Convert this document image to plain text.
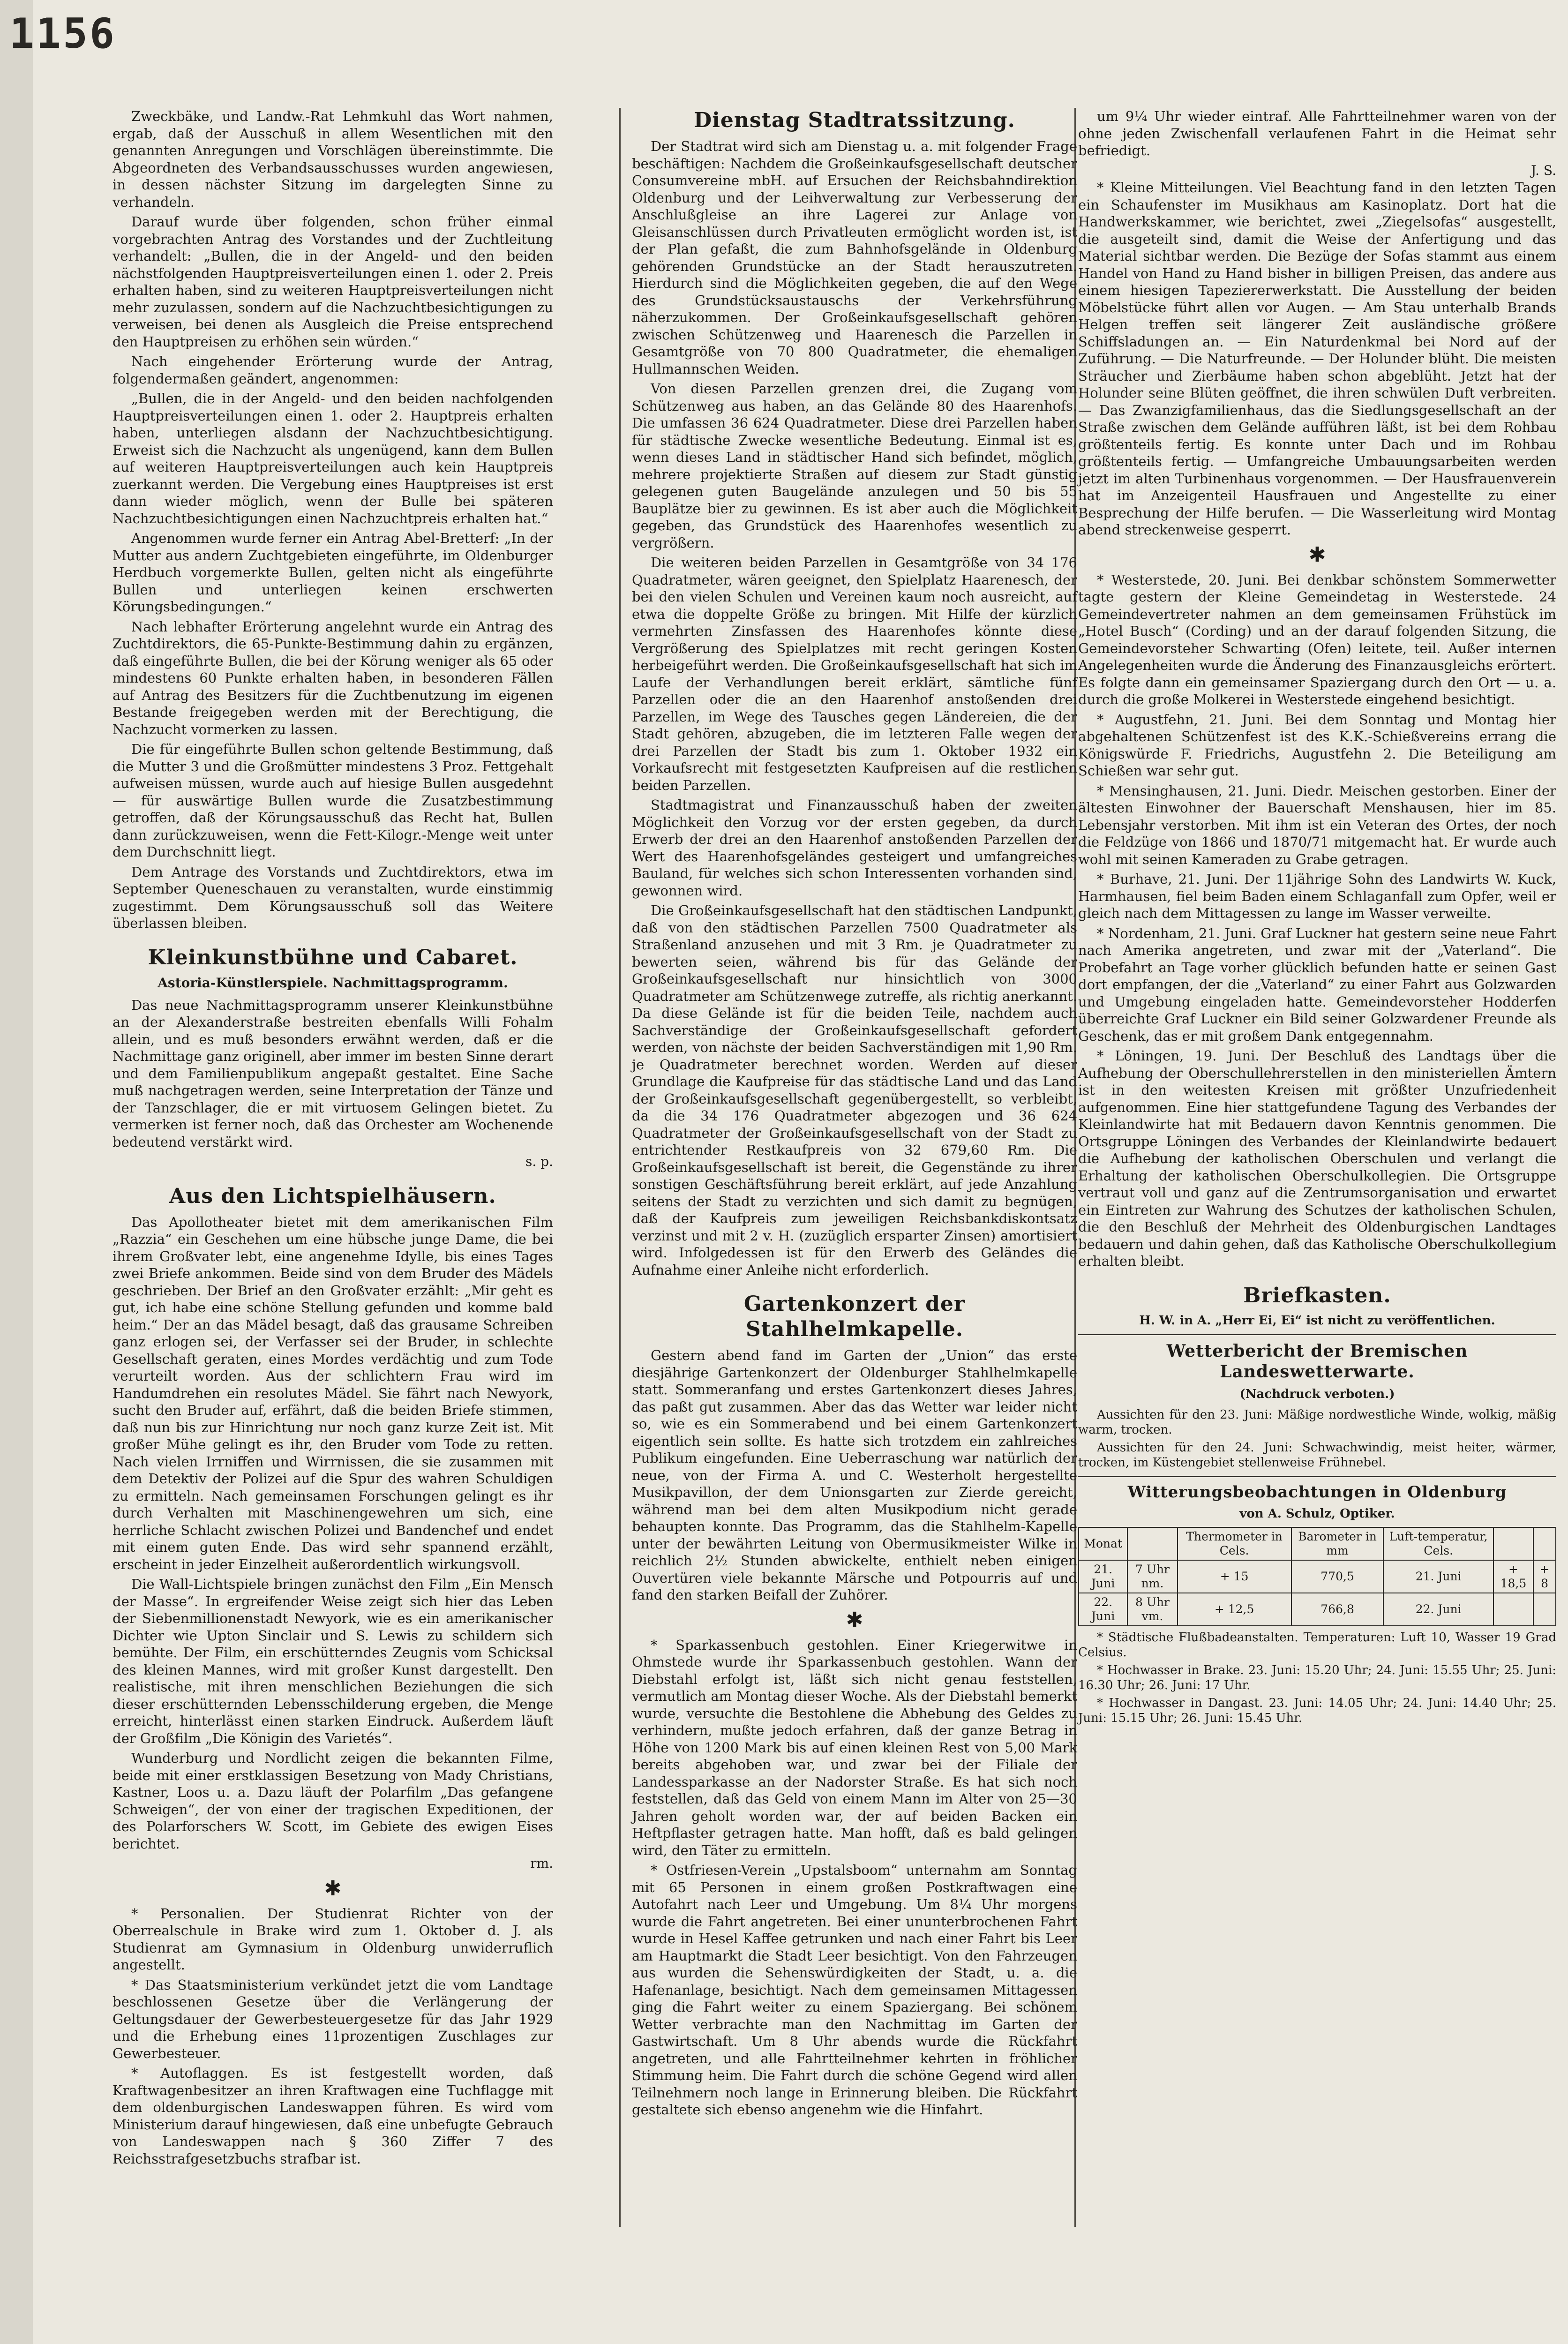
1156

Zweckbäke, und Landw.-Rat Lehmkuhl das Wort nahmen, ergab, daß der Ausschuß in allem Wesentlichen mit den genannten Anregungen und Vorschlägen übereinstimmte. Die Abgeordneten des Verbandsausschusses wurden angewiesen, in dessen nächster Sitzung im dargelegten Sinne zu verhandeln.

Darauf wurde über folgenden, schon früher einmal vorgebrachten Antrag des Vorstandes und der Zuchtleitung verhandelt: „Bullen, die in der Angeld- und den beiden nächstfolgenden Hauptpreisverteilungen einen 1. oder 2. Preis erhalten haben, sind zu weiteren Hauptpreisverteilungen nicht mehr zuzulassen, sondern auf die Nachzuchtbesichtigungen zu verweisen, bei denen als Ausgleich die Preise entsprechend den Hauptpreisen zu erhöhen sein würden.“

Nach eingehender Erörterung wurde der Antrag, folgendermaßen geändert, angenommen:

„Bullen, die in der Angeld- und den beiden nachfolgenden Hauptpreisverteilungen einen 1. oder 2. Hauptpreis erhalten haben, unterliegen alsdann der Nachzuchtbesichtigung. Erweist sich die Nachzucht als ungenügend, kann dem Bullen auf weiteren Hauptpreisverteilungen auch kein Hauptpreis zuerkannt werden. Die Vergebung eines Hauptpreises ist erst dann wieder möglich, wenn der Bulle bei späteren Nachzuchtbesichtigungen einen Nachzuchtpreis erhalten hat.“

Angenommen wurde ferner ein Antrag Abel-Bretterf: „In der Mutter aus andern Zuchtgebieten eingeführte, im Oldenburger Herdbuch vorgemerkte Bullen, gelten nicht als eingeführte Bullen und unterliegen keinen erschwerten Körungsbedingungen.“

Nach lebhafter Erörterung angelehnt wurde ein Antrag des Zuchtdirektors, die 65-Punkte-Bestimmung dahin zu ergänzen, daß eingeführte Bullen, die bei der Körung weniger als 65 oder mindestens 60 Punkte erhalten haben, in besonderen Fällen auf Antrag des Besitzers für die Zuchtbenutzung im eigenen Bestande freigegeben werden mit der Berechtigung, die Nachzucht vormerken zu lassen.

Die für eingeführte Bullen schon geltende Bestimmung, daß die Mutter 3 und die Großmütter mindestens 3 Proz. Fettgehalt aufweisen müssen, wurde auch auf hiesige Bullen ausgedehnt — für auswärtige Bullen wurde die Zusatzbestimmung getroffen, daß der Körungsausschuß das Recht hat, Bullen dann zurückzuweisen, wenn die Fett-Kilogr.-Menge weit unter dem Durchschnitt liegt.

Dem Antrage des Vorstands und Zuchtdirektors, etwa im September Queneschauen zu veranstalten, wurde einstimmig zugestimmt. Dem Körungsausschuß soll das Weitere überlassen bleiben.

Kleinkunstbühne und Cabaret.
Astoria-Künstlerspiele. Nachmittagsprogramm.

Das neue Nachmittagsprogramm unserer Kleinkunstbühne an der Alexanderstraße bestreiten ebenfalls Willi Fohalm allein, und es muß besonders erwähnt werden, daß er die Nachmittage ganz originell, aber immer im besten Sinne derart und dem Familienpublikum angepaßt gestaltet. Eine Sache muß nachgetragen werden, seine Interpretation der Tänze und der Tanzschlager, die er mit virtuosem Gelingen bietet. Zu vermerken ist ferner noch, daß das Orchester am Wochenende bedeutend verstärkt wird.

s. p.
Aus den Lichtspielhäusern.

Das Apollotheater bietet mit dem amerikanischen Film „Razzia“ ein Geschehen um eine hübsche junge Dame, die bei ihrem Großvater lebt, eine angenehme Idylle, bis eines Tages zwei Briefe ankommen. Beide sind von dem Bruder des Mädels geschrieben. Der Brief an den Großvater erzählt: „Mir geht es gut, ich habe eine schöne Stellung gefunden und komme bald heim.“ Der an das Mädel besagt, daß das grausame Schreiben ganz erlogen sei, der Verfasser sei der Bruder, in schlechte Gesellschaft geraten, eines Mordes verdächtig und zum Tode verurteilt worden. Aus der schlichtern Frau wird im Handumdrehen ein resolutes Mädel. Sie fährt nach Newyork, sucht den Bruder auf, erfährt, daß die beiden Briefe stimmen, daß nun bis zur Hinrichtung nur noch ganz kurze Zeit ist. Mit großer Mühe gelingt es ihr, den Bruder vom Tode zu retten. Nach vielen Irrniffen und Wirrnissen, die sie zusammen mit dem Detektiv der Polizei auf die Spur des wahren Schuldigen zu ermitteln. Nach gemeinsamen Forschungen gelingt es ihr durch Verhalten mit Maschinengewehren um sich, eine herrliche Schlacht zwischen Polizei und Bandenchef und endet mit einem guten Ende. Das wird sehr spannend erzählt, erscheint in jeder Einzelheit außerordentlich wirkungsvoll.

Die Wall-Lichtspiele bringen zunächst den Film „Ein Mensch der Masse“. In ergreifender Weise zeigt sich hier das Leben der Siebenmillionenstadt Newyork, wie es ein amerikanischer Dichter wie Upton Sinclair und S. Lewis zu schildern sich bemühte. Der Film, ein erschütterndes Zeugnis vom Schicksal des kleinen Mannes, wird mit großer Kunst dargestellt. Den realistische, mit ihren menschlichen Beziehungen die sich dieser erschütternden Lebensschilderung ergeben, die Menge erreicht, hinterlässt einen starken Eindruck. Außerdem läuft der Großfilm „Die Königin des Varietés“.

Wunderburg und Nordlicht zeigen die bekannten Filme, beide mit einer erstklassigen Besetzung von Mady Christians, Kastner, Loos u. a. Dazu läuft der Polarfilm „Das gefangene Schweigen“, der von einer der tragischen Expeditionen, der des Polarforschers W. Scott, im Gebiete des ewigen Eises berichtet.

rm.
✱

* Personalien. Der Studienrat Richter von der Oberrealschule in Brake wird zum 1. Oktober d. J. als Studienrat am Gymnasium in Oldenburg unwiderruflich angestellt.

* Das Staatsministerium verkündet jetzt die vom Landtage beschlossenen Gesetze über die Verlängerung der Geltungsdauer der Gewerbesteuergesetze für das Jahr 1929 und die Erhebung eines 11prozentigen Zuschlages zur Gewerbesteuer.

* Autoflaggen. Es ist festgestellt worden, daß Kraftwagenbesitzer an ihren Kraftwagen eine Tuchflagge mit dem oldenburgischen Landeswappen führen. Es wird vom Ministerium darauf hingewiesen, daß eine unbefugte Gebrauch von Landeswappen nach § 360 Ziffer 7 des Reichsstrafgesetzbuchs strafbar ist.

Dienstag Stadtratssitzung.

Der Stadtrat wird sich am Dienstag u. a. mit folgender Frage beschäftigen: Nachdem die Großeinkaufsgesellschaft deutscher Consumvereine mbH. auf Ersuchen der Reichsbahndirektion Oldenburg und der Leihverwaltung zur Verbesserung der Anschlußgleise an ihre Lagerei zur Anlage von Gleisanschlüssen durch Privatleuten ermöglicht worden ist, ist der Plan gefaßt, die zum Bahnhofsgelände in Oldenburg gehörenden Grundstücke an der Stadt herauszutreten. Hierdurch sind die Möglichkeiten gegeben, die auf den Wege des Grundstücksaustauschs der Verkehrsführung näherzukommen. Der Großeinkaufsgesellschaft gehören zwischen Schützenweg und Haarenesch die Parzellen in Gesamtgröße von 70 800 Quadratmeter, die ehemaligen Hullmannschen Weiden.

Von diesen Parzellen grenzen drei, die Zugang vom Schützenweg aus haben, an das Gelände 80 des Haarenhofs. Die umfassen 36 624 Quadratmeter. Diese drei Parzellen haben für städtische Zwecke wesentliche Bedeutung. Einmal ist es, wenn dieses Land in städtischer Hand sich befindet, möglich, mehrere projektierte Straßen auf diesem zur Stadt günstig gelegenen guten Baugelände anzulegen und 50 bis 55 Bauplätze bier zu gewinnen. Es ist aber auch die Möglichkeit gegeben, das Grundstück des Haarenhofes wesentlich zu vergrößern.

Die weiteren beiden Parzellen in Gesamtgröße von 34 176 Quadratmeter, wären geeignet, den Spielplatz Haarenesch, der bei den vielen Schulen und Vereinen kaum noch ausreicht, auf etwa die doppelte Größe zu bringen. Mit Hilfe der kürzlich vermehrten Zinsfassen des Haarenhofes könnte diese Vergrößerung des Spielplatzes mit recht geringen Kosten herbeigeführt werden. Die Großeinkaufsgesellschaft hat sich im Laufe der Verhandlungen bereit erklärt, sämtliche fünf Parzellen oder die an den Haarenhof anstoßenden drei Parzellen, im Wege des Tausches gegen Ländereien, die der Stadt gehören, abzugeben, die im letzteren Falle wegen der drei Parzellen der Stadt bis zum 1. Oktober 1932 ein Vorkaufsrecht mit festgesetzten Kaufpreisen auf die restlichen beiden Parzellen.

Stadtmagistrat und Finanzausschuß haben der zweiten Möglichkeit den Vorzug vor der ersten gegeben, da durch Erwerb der drei an den Haarenhof anstoßenden Parzellen der Wert des Haarenhofsgeländes gesteigert und umfangreiches Bauland, für welches sich schon Interessenten vorhanden sind, gewonnen wird.

Die Großeinkaufsgesellschaft hat den städtischen Landpunkt, daß von den städtischen Parzellen 7500 Quadratmeter als Straßenland anzusehen und mit 3 Rm. je Quadratmeter zu bewerten seien, während bis für das Gelände der Großeinkaufsgesellschaft nur hinsichtlich von 3000 Quadratmeter am Schützenwege zutreffe, als richtig anerkannt. Da diese Gelände ist für die beiden Teile, nachdem auch Sachverständige der Großeinkaufsgesellschaft gefordert werden, von nächste der beiden Sachverständigen mit 1,90 Rm. je Quadratmeter berechnet worden. Werden auf dieser Grundlage die Kaufpreise für das städtische Land und das Land der Großeinkaufsgesellschaft gegenübergestellt, so verbleibt, da die 34 176 Quadratmeter abgezogen und 36 624 Quadratmeter der Großeinkaufsgesellschaft von der Stadt zu entrichtender Restkaufpreis von 32 679,60 Rm. Die Großeinkaufsgesellschaft ist bereit, die Gegenstände zu ihrer sonstigen Geschäftsführung bereit erklärt, auf jede Anzahlung seitens der Stadt zu verzichten und sich damit zu begnügen, daß der Kaufpreis zum jeweiligen Reichsbankdiskontsatz verzinst und mit 2 v. H. (zuzüglich ersparter Zinsen) amortisiert wird. Infolgedessen ist für den Erwerb des Geländes die Aufnahme einer Anleihe nicht erforderlich.

Gartenkonzert der Stahlhelmkapelle.

Gestern abend fand im Garten der „Union“ das erste diesjährige Gartenkonzert der Oldenburger Stahlhelmkapelle statt. Sommeranfang und erstes Gartenkonzert dieses Jahres, das paßt gut zusammen. Aber das das Wetter war leider nicht so, wie es ein Sommerabend und bei einem Gartenkonzert eigentlich sein sollte. Es hatte sich trotzdem ein zahlreiches Publikum eingefunden. Eine Ueberraschung war natürlich der neue, von der Firma A. und C. Westerholt hergestellte Musikpavillon, der dem Unionsgarten zur Zierde gereicht, während man bei dem alten Musikpodium nicht gerade behaupten konnte. Das Programm, das die Stahlhelm-Kapelle unter der bewährten Leitung von Obermusikmeister Wilke in reichlich 2½ Stunden abwickelte, enthielt neben einigen Ouvertüren viele bekannte Märsche und Potpourris auf und fand den starken Beifall der Zuhörer.

✱

* Sparkassenbuch gestohlen. Einer Kriegerwitwe in Ohmstede wurde ihr Sparkassenbuch gestohlen. Wann der Diebstahl erfolgt ist, läßt sich nicht genau feststellen, vermutlich am Montag dieser Woche. Als der Diebstahl bemerkt wurde, versuchte die Bestohlene die Abhebung des Geldes zu verhindern, mußte jedoch erfahren, daß der ganze Betrag in Höhe von 1200 Mark bis auf einen kleinen Rest von 5,00 Mark bereits abgehoben war, und zwar bei der Filiale der Landessparkasse an der Nadorster Straße. Es hat sich noch feststellen, daß das Geld von einem Mann im Alter von 25—30 Jahren geholt worden war, der auf beiden Backen ein Heftpflaster getragen hatte. Man hofft, daß es bald gelingen wird, den Täter zu ermitteln.

* Ostfriesen-Verein „Upstalsboom“ unternahm am Sonntag mit 65 Personen in einem großen Postkraftwagen eine Autofahrt nach Leer und Umgebung. Um 8¼ Uhr morgens wurde die Fahrt angetreten. Bei einer ununterbrochenen Fahrt wurde in Hesel Kaffee getrunken und nach einer Fahrt bis Leer am Hauptmarkt die Stadt Leer besichtigt. Von den Fahrzeugen aus wurden die Sehenswürdigkeiten der Stadt, u. a. die Hafenanlage, besichtigt. Nach dem gemeinsamen Mittagessen ging die Fahrt weiter zu einem Spaziergang. Bei schönem Wetter verbrachte man den Nachmittag im Garten der Gastwirtschaft. Um 8 Uhr abends wurde die Rückfahrt angetreten, und alle Fahrtteilnehmer kehrten in fröhlicher Stimmung heim. Die Fahrt durch die schöne Gegend wird allen Teilnehmern noch lange in Erinnerung bleiben. Die Rückfahrt gestaltete sich ebenso angenehm wie die Hinfahrt.

um 9¼ Uhr wieder eintraf. Alle Fahrtteilnehmer waren von der ohne jeden Zwischenfall verlaufenen Fahrt in die Heimat sehr befriedigt.

J. S.

* Kleine Mitteilungen. Viel Beachtung fand in den letzten Tagen ein Schaufenster im Musikhaus am Kasinoplatz. Dort hat die Handwerkskammer, wie berichtet, zwei „Ziegelsofas“ ausgestellt, die ausgeteilt sind, damit die Weise der Anfertigung und das Material sichtbar werden. Die Bezüge der Sofas stammt aus einem Handel von Hand zu Hand bisher in billigen Preisen, das andere aus einem hiesigen Tapeziererwerkstatt. Die Ausstellung der beiden Möbelstücke führt allen vor Augen. — Am Stau unterhalb Brands Helgen treffen seit längerer Zeit ausländische größere Schiffsladungen an. — Ein Naturdenkmal bei Nord auf der Zuführung. — Die Naturfreunde. — Der Holunder blüht. Die meisten Sträucher und Zierbäume haben schon abgeblüht. Jetzt hat der Holunder seine Blüten geöffnet, die ihren schwülen Duft verbreiten. — Das Zwanzigfamilienhaus, das die Siedlungsgesellschaft an der Straße zwischen dem Gelände aufführen läßt, ist bei dem Rohbau größtenteils fertig. Es konnte unter Dach und im Rohbau größtenteils fertig. — Umfangreiche Umbauungsarbeiten werden jetzt im alten Turbinenhaus vorgenommen. — Der Hausfrauenverein hat im Anzeigenteil Hausfrauen und Angestellte zu einer Besprechung der Hilfe berufen. — Die Wasserleitung wird Montag abend streckenweise gesperrt.

✱

* Westerstede, 20. Juni. Bei denkbar schönstem Sommerwetter tagte gestern der Kleine Gemeindetag in Westerstede. 24 Gemeindevertreter nahmen an dem gemeinsamen Frühstück im „Hotel Busch“ (Cording) und an der darauf folgenden Sitzung, die Gemeindevorsteher Schwarting (Ofen) leitete, teil. Außer internen Angelegenheiten wurde die Änderung des Finanzausgleichs erörtert. Es folgte dann ein gemeinsamer Spaziergang durch den Ort — u. a. durch die große Molkerei in Westerstede eingehend besichtigt.

* Augustfehn, 21. Juni. Bei dem Sonntag und Montag hier abgehaltenen Schützenfest ist des K.K.-Schießvereins errang die Königswürde F. Friedrichs, Augustfehn 2. Die Beteiligung am Schießen war sehr gut.

* Mensinghausen, 21. Juni. Diedr. Meischen gestorben. Einer der ältesten Einwohner der Bauerschaft Menshausen, hier im 85. Lebensjahr verstorben. Mit ihm ist ein Veteran des Ortes, der noch die Feldzüge von 1866 und 1870/71 mitgemacht hat. Er wurde auch wohl mit seinen Kameraden zu Grabe getragen.

* Burhave, 21. Juni. Der 11jährige Sohn des Landwirts W. Kuck, Harmhausen, fiel beim Baden einem Schlaganfall zum Opfer, weil er gleich nach dem Mittagessen zu lange im Wasser verweilte.

* Nordenham, 21. Juni. Graf Luckner hat gestern seine neue Fahrt nach Amerika angetreten, und zwar mit der „Vaterland“. Die Probefahrt an Tage vorher glücklich befunden hatte er seinen Gast dort empfangen, der die „Vaterland“ zu einer Fahrt aus Golzwarden und Umgebung eingeladen hatte. Gemeindevorsteher Hodderfen überreichte Graf Luckner ein Bild seiner Golzwardener Freunde als Geschenk, das er mit großem Dank entgegennahm.

* Löningen, 19. Juni. Der Beschluß des Landtags über die Aufhebung der Oberschullehrerstellen in den ministeriellen Ämtern ist in den weitesten Kreisen mit größter Unzufriedenheit aufgenommen. Eine hier stattgefundene Tagung des Verbandes der Kleinlandwirte hat mit Bedauern davon Kenntnis genommen. Die Ortsgruppe Löningen des Verbandes der Kleinlandwirte bedauert die Aufhebung der katholischen Oberschulen und verlangt die Erhaltung der katholischen Oberschulkollegien. Die Ortsgruppe vertraut voll und ganz auf die Zentrumsorganisation und erwartet ein Eintreten zur Wahrung des Schutzes der katholischen Schulen, die den Beschluß der Mehrheit des Oldenburgischen Landtages bedauern und dahin gehen, daß das Katholische Oberschulkollegium erhalten bleibt.

Briefkasten.
H. W. in A. „Herr Ei, Ei“ ist nicht zu veröffentlichen.
Wetterbericht der Bremischen Landeswetterwarte.
(Nachdruck verboten.)

Aussichten für den 23. Juni: Mäßige nordwestliche Winde, wolkig, mäßig warm, trocken.

Aussichten für den 24. Juni: Schwachwindig, meist heiter, wärmer, trocken, im Küstengebiet stellenweise Frühnebel.

Witterungsbeobachtungen in Oldenburg
von A. Schulz, Optiker.
Monat		Thermometer in Cels.	Barometer in mm	Luft-temperatur, Cels.		
21. Juni	7 Uhr nm.	+ 15	770,5	21. Juni	+ 18,5	+ 8
22. Juni	8 Uhr vm.	+ 12,5	766,8	22. Juni		

* Städtische Flußbadeanstalten. Temperaturen: Luft 10, Wasser 19 Grad Celsius.

* Hochwasser in Brake. 23. Juni: 15.20 Uhr; 24. Juni: 15.55 Uhr; 25. Juni: 16.30 Uhr; 26. Juni: 17 Uhr.

* Hochwasser in Dangast. 23. Juni: 14.05 Uhr; 24. Juni: 14.40 Uhr; 25. Juni: 15.15 Uhr; 26. Juni: 15.45 Uhr.
